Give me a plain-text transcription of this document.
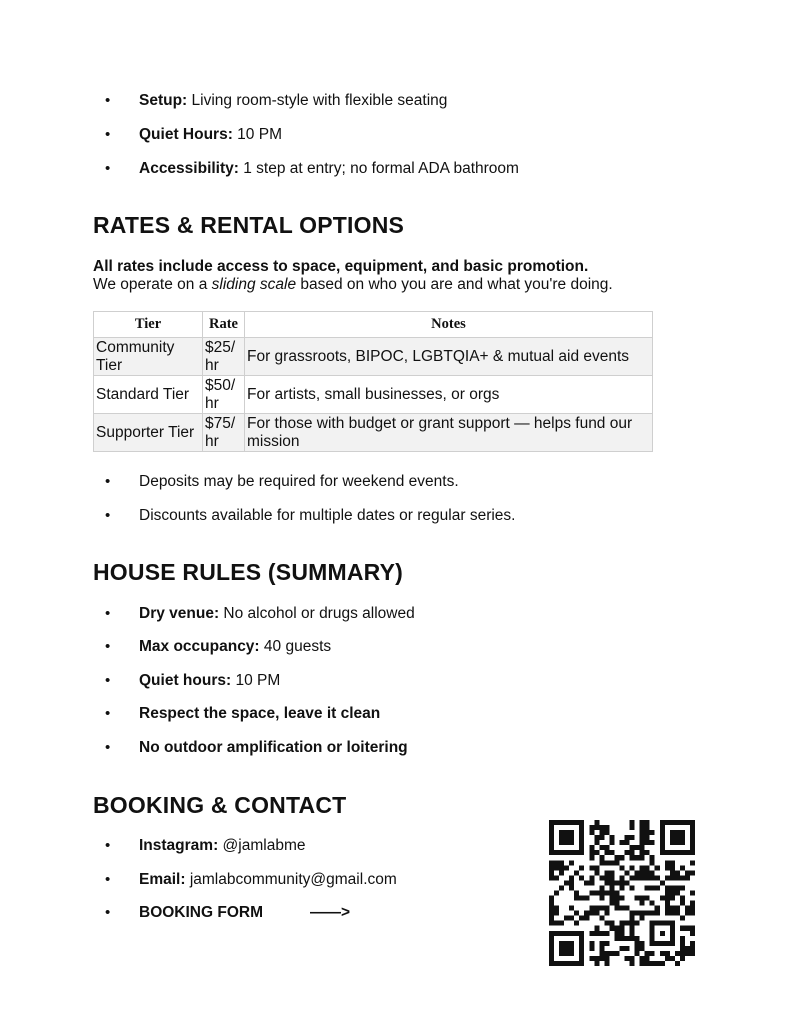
• Setup: Living room-style with flexible seating
• Quiet Hours: 10 PM
• Accessibility: 1 step at entry; no formal ADA bathroom
RATES & RENTAL OPTIONS
All rates include access to space, equipment, and basic promotion.
We operate on a sliding scale based on who you are and what you're doing.
Tier	Rate	Notes
Community Tier	$25/ hr	For grassroots, BIPOC, LGBTQIA+ & mutual aid events
Standard Tier	$50/ hr	For artists, small businesses, or orgs
Supporter Tier	$75/ hr	For those with budget or grant support — helps fund our mission
• Deposits may be required for weekend events.
• Discounts available for multiple dates or regular series.
HOUSE RULES (SUMMARY)
• Dry venue: No alcohol or drugs allowed
• Max occupancy: 40 guests
• Quiet hours: 10 PM
• Respect the space, leave it clean
• No outdoor amplification or loitering
BOOKING & CONTACT
• Instagram: @jamlabme
• Email: jamlabcommunity@gmail.com
• BOOKING FORM	——>
